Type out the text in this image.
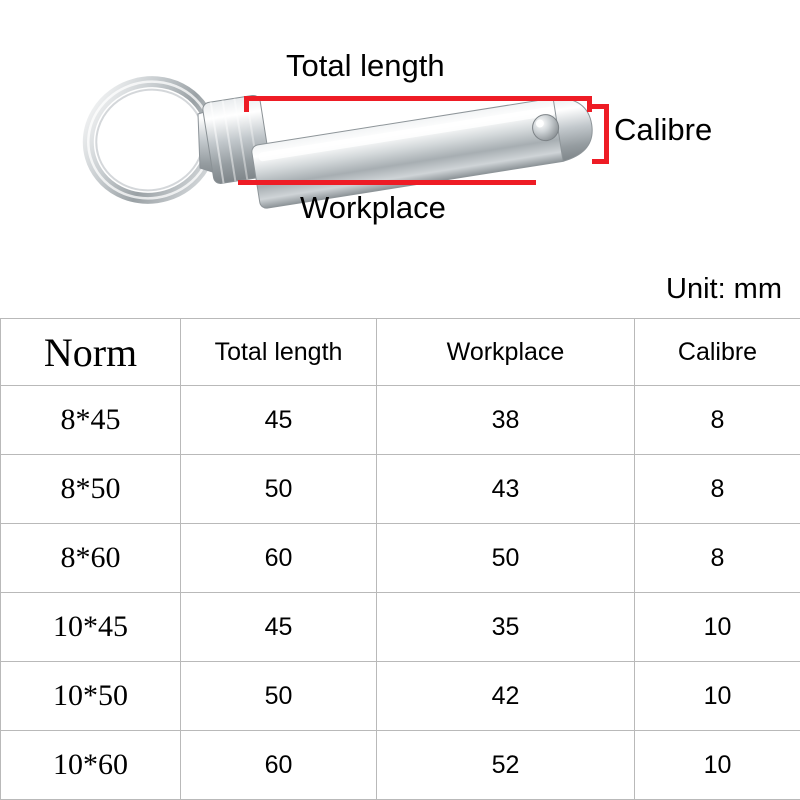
Total length
Workplace
Calibre
Unit: mm
Norm	Total length	Workplace	Calibre
8*45	45	38	8
8*50	50	43	8
8*60	60	50	8
10*45	45	35	10
10*50	50	42	10
10*60	60	52	10
